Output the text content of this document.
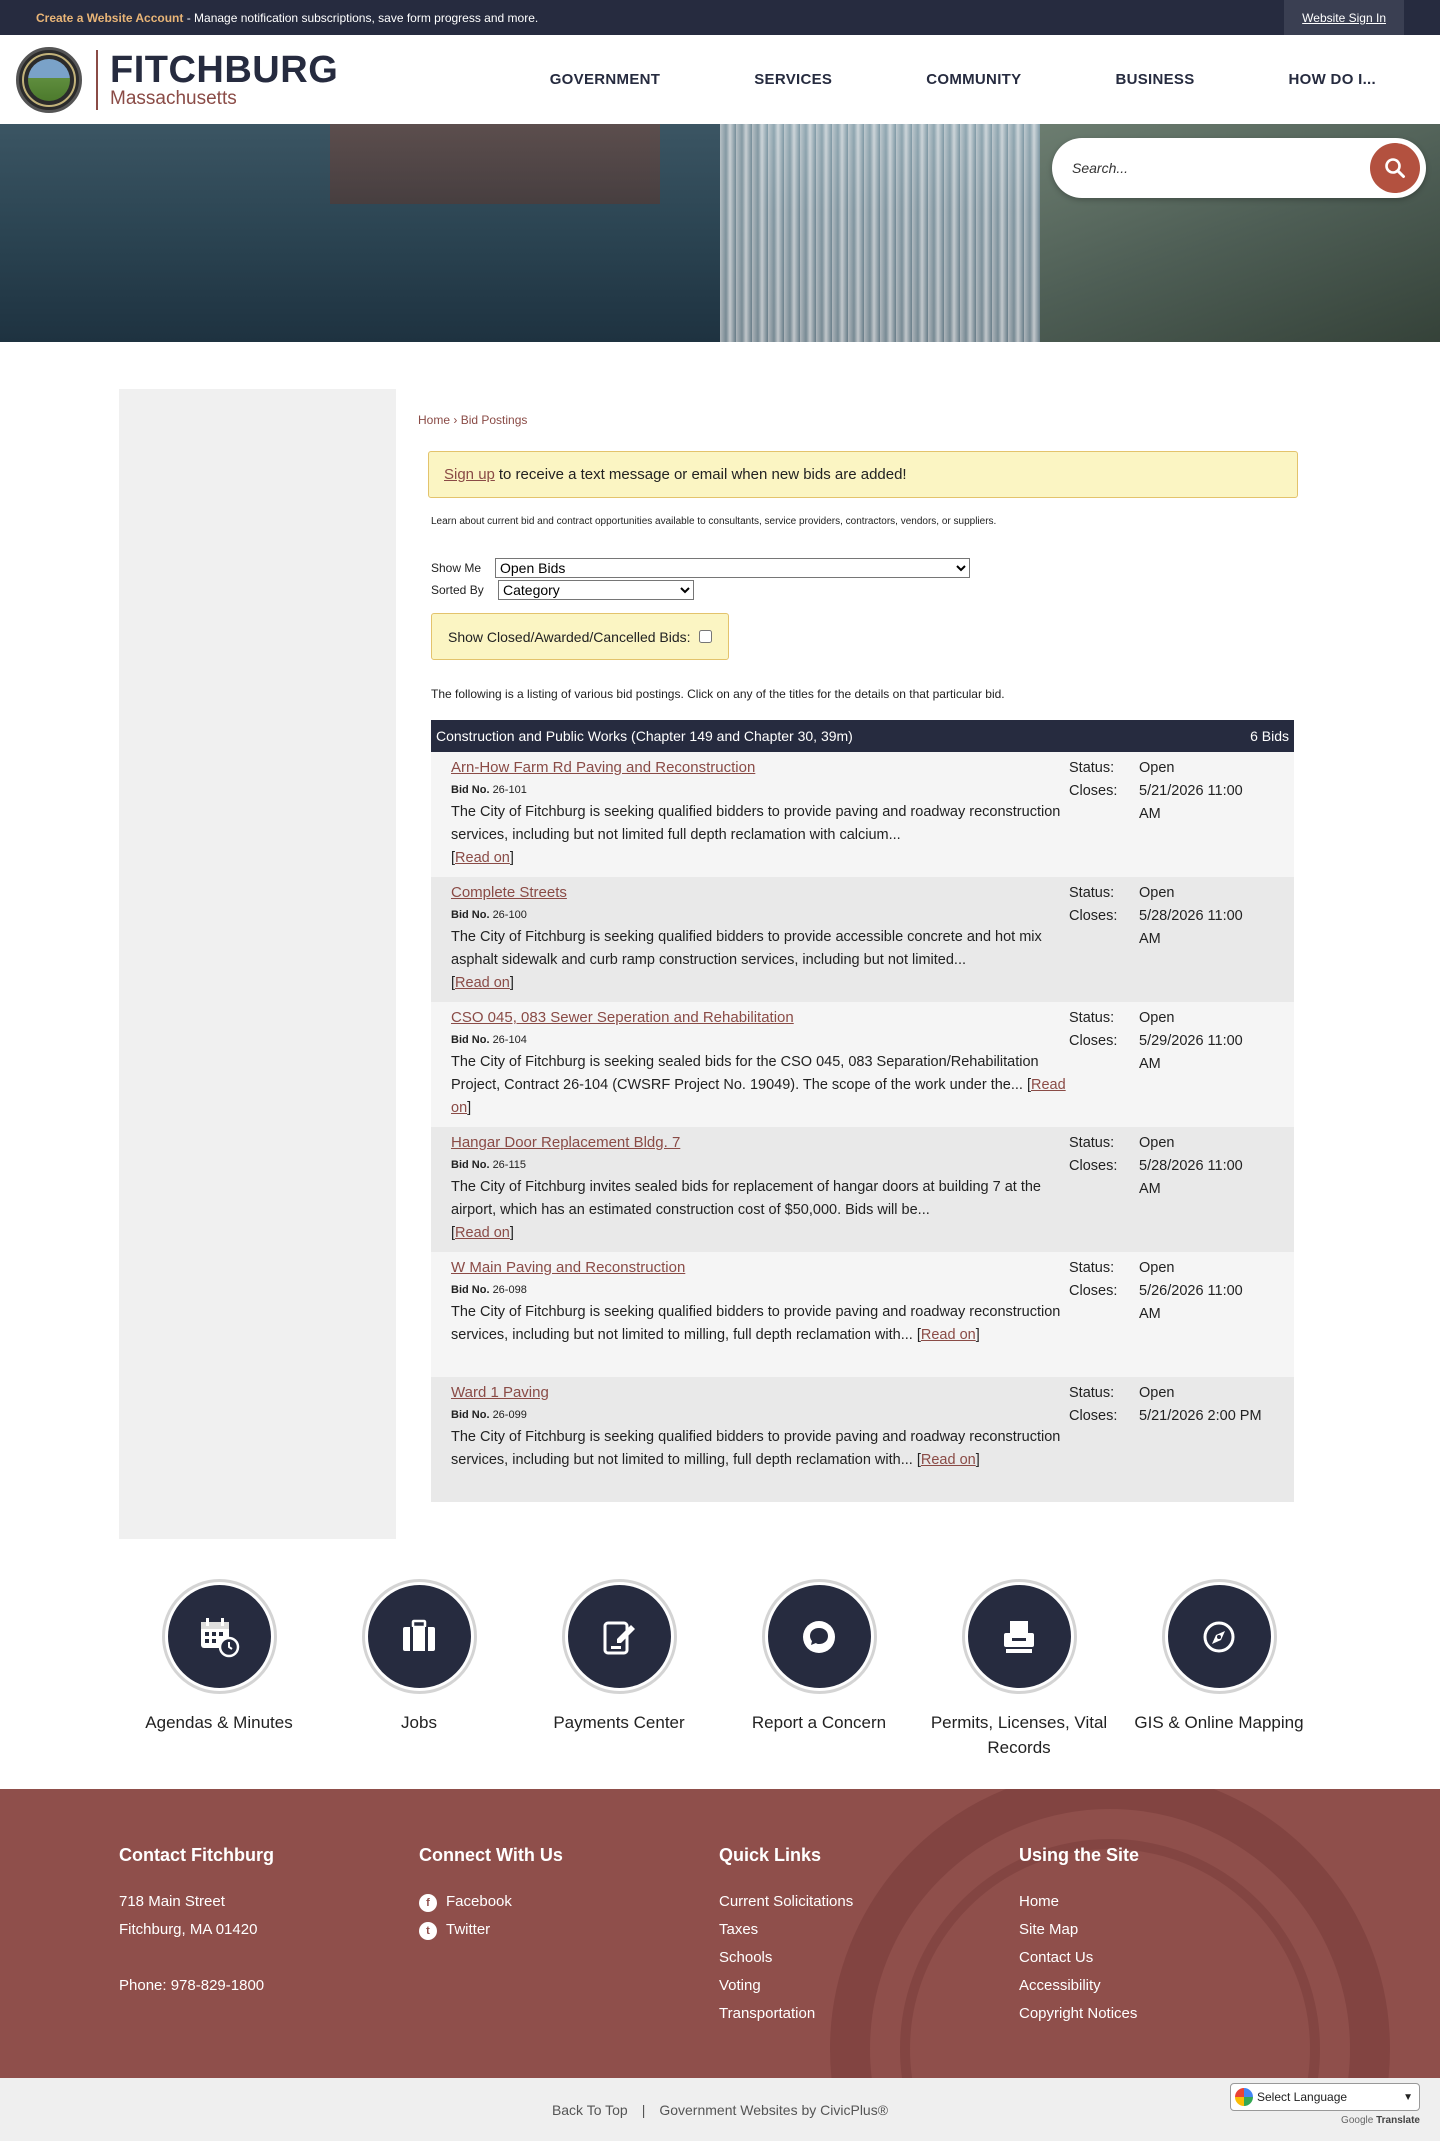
Create a Website Account - Manage notification subscriptions, save form progress and more.	Website Sign In
FITCHBURG
Massachusetts
GOVERNMENT	SERVICES	COMMUNITY	BUSINESS	HOW DO I...
Search...
Home › Bid Postings
Sign up to receive a text message or email when new bids are added!

Learn about current bid and contract opportunities available to consultants, service providers, contractors, vendors, or suppliers.

Show Me
Open Bids
Sorted By
Category
Show Closed/Awarded/Cancelled Bids:

The following is a listing of various bid postings. Click on any of the titles for the details on that particular bid.

Construction and Public Works (Chapter 149 and Chapter 30, 39m)	6 Bids
Arn-How Farm Rd Paving and Reconstruction
Bid No. 26-101
The City of Fitchburg is seeking qualified bidders to provide paving and roadway reconstruction services, including but not limited full depth reclamation with calcium...
[Read on]
Status:	Open
Closes:	5/21/2026 11:00 AM
Complete Streets
Bid No. 26-100
The City of Fitchburg is seeking qualified bidders to provide accessible concrete and hot mix asphalt sidewalk and curb ramp construction services, including but not limited...
[Read on]
Status:	Open
Closes:	5/28/2026 11:00 AM
CSO 045, 083 Sewer Seperation and Rehabilitation
Bid No. 26-104
The City of Fitchburg is seeking sealed bids for the CSO 045, 083 Separation/Rehabilitation Project, Contract 26-104 (CWSRF Project No. 19049). The scope of the work under the... [Read on]
Status:	Open
Closes:	5/29/2026 11:00 AM
Hangar Door Replacement Bldg. 7
Bid No. 26-115
The City of Fitchburg invites sealed bids for replacement of hangar doors at building 7 at the airport, which has an estimated construction cost of $50,000. Bids will be...
[Read on]
Status:	Open
Closes:	5/28/2026 11:00 AM
W Main Paving and Reconstruction
Bid No. 26-098
The City of Fitchburg is seeking qualified bidders to provide paving and roadway reconstruction services, including but not limited to milling, full depth reclamation with... [Read on]
Status:	Open
Closes:	5/26/2026 11:00 AM
Ward 1 Paving
Bid No. 26-099
The City of Fitchburg is seeking qualified bidders to provide paving and roadway reconstruction services, including but not limited to milling, full depth reclamation with... [Read on]
Status:	Open
Closes:	5/21/2026 2:00 PM
Agendas & Minutes	Jobs	Payments Center	Report a Concern	Permits, Licenses, Vital Records
GIS & Online Mapping
Contact Fitchburg

718 Main Street

Fitchburg, MA 01420

Phone: 978-829-1800

Connect With Us
f Facebook
t Twitter
Quick Links
Current Solicitations
Taxes
Schools
Voting
Transportation
Using the Site
Home
Site Map
Contact Us
Accessibility
Copyright Notices
Back To Top | Government Websites by CivicPlus®
Select Language	▼
Google Translate
